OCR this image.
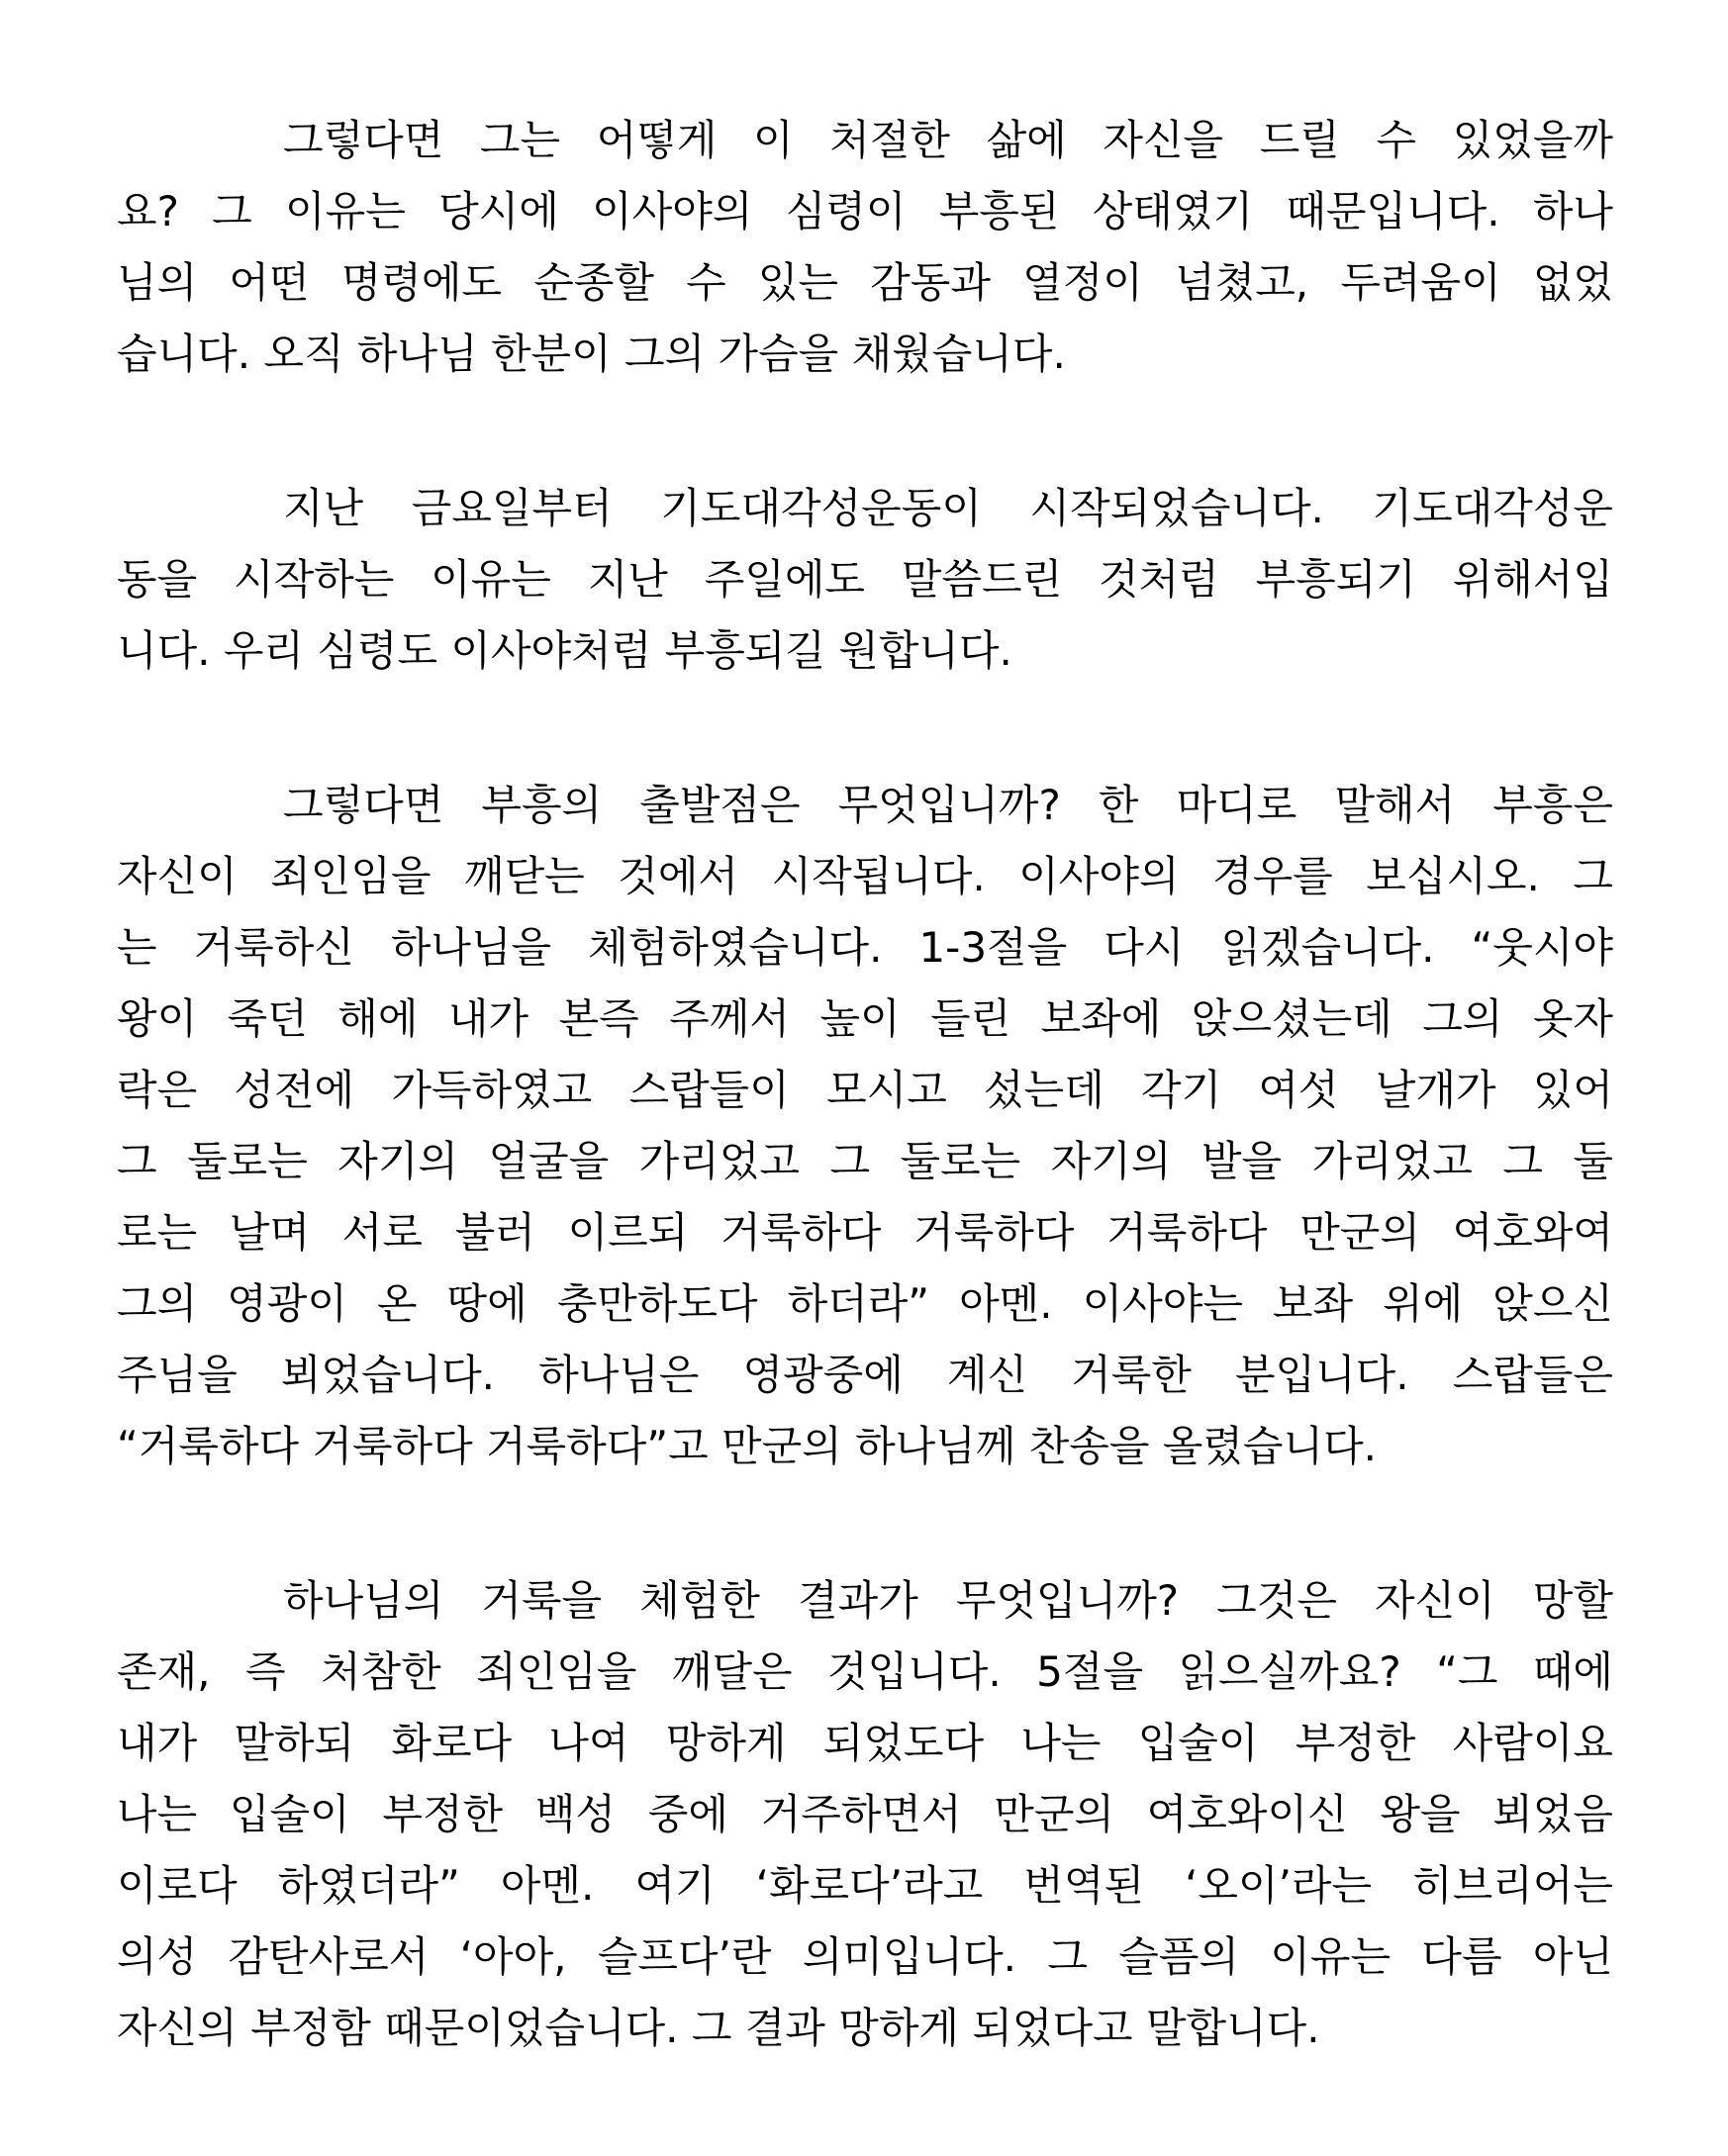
그렇다면 그는 어떻게 이 처절한 삶에 자신을 드릴 수 있었을까
요? 그 이유는 당시에 이사야의 심령이 부흥된 상태였기 때문입니다. 하나
님의 어떤 명령에도 순종할 수 있는 감동과 열정이 넘쳤고, 두려움이 없었
습니다. 오직 하나님 한분이 그의 가슴을 채웠습니다.
지난 금요일부터 기도대각성운동이 시작되었습니다. 기도대각성운
동을 시작하는 이유는 지난 주일에도 말씀드린 것처럼 부흥되기 위해서입
니다. 우리 심령도 이사야처럼 부흥되길 원합니다.
그렇다면 부흥의 출발점은 무엇입니까? 한 마디로 말해서 부흥은
자신이 죄인임을 깨닫는 것에서 시작됩니다. 이사야의 경우를 보십시오. 그
는 거룩하신 하나님을 체험하였습니다. 1-3절을 다시 읽겠습니다. “웃시야
왕이 죽던 해에 내가 본즉 주께서 높이 들린 보좌에 앉으셨는데 그의 옷자
락은 성전에 가득하였고 스랍들이 모시고 섰는데 각기 여섯 날개가 있어
그 둘로는 자기의 얼굴을 가리었고 그 둘로는 자기의 발을 가리었고 그 둘
로는 날며 서로 불러 이르되 거룩하다 거룩하다 거룩하다 만군의 여호와여
그의 영광이 온 땅에 충만하도다 하더라” 아멘. 이사야는 보좌 위에 앉으신
주님을 뵈었습니다. 하나님은 영광중에 계신 거룩한 분입니다. 스랍들은
“거룩하다 거룩하다 거룩하다”고 만군의 하나님께 찬송을 올렸습니다.
하나님의 거룩을 체험한 결과가 무엇입니까? 그것은 자신이 망할
존재, 즉 처참한 죄인임을 깨달은 것입니다. 5절을 읽으실까요? “그 때에
내가 말하되 화로다 나여 망하게 되었도다 나는 입술이 부정한 사람이요
나는 입술이 부정한 백성 중에 거주하면서 만군의 여호와이신 왕을 뵈었음
이로다 하였더라” 아멘. 여기 ‘화로다’라고 번역된 ‘오이’라는 히브리어는
의성 감탄사로서 ‘아아, 슬프다’란 의미입니다. 그 슬픔의 이유는 다름 아닌
자신의 부정함 때문이었습니다. 그 결과 망하게 되었다고 말합니다.
